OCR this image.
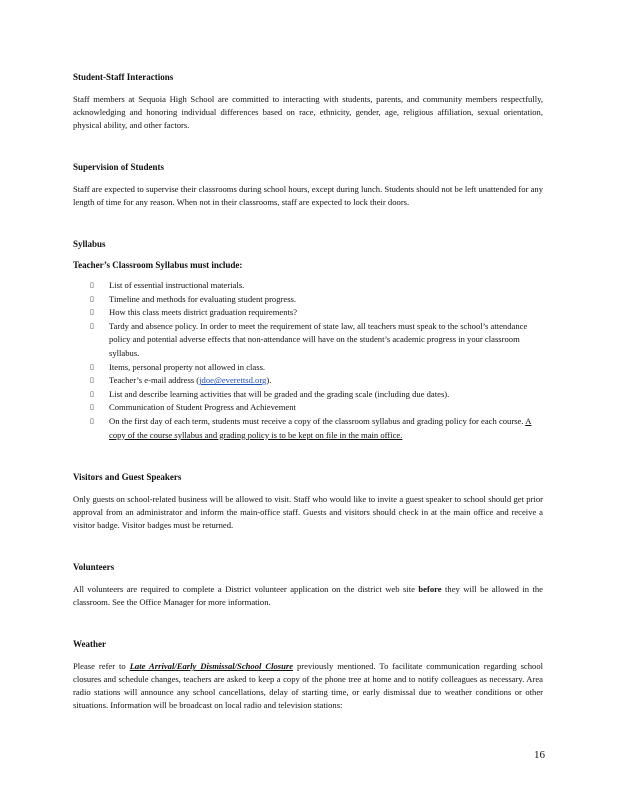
Student-Staff Interactions

Staff members at Sequoia High School are committed to interacting with students, parents, and community members respectfully, acknowledging and honoring individual differences based on race, ethnicity, gender, age, religious affiliation, sexual orientation, physical ability, and other factors.

Supervision of Students

Staff are expected to supervise their classrooms during school hours, except during lunch. Students should not be left unattended for any length of time for any reason. When not in their classrooms, staff are expected to lock their doors.

Syllabus
Teacher’s Classroom Syllabus must include:
▯ List of essential instructional materials.
▯ Timeline and methods for evaluating student progress.
▯ How this class meets district graduation requirements?
▯ Tardy and absence policy. In order to meet the requirement of state law, all teachers must speak to the school’s attendance policy and potential adverse effects that non-attendance will have on the student’s academic progress in your classroom syllabus.
▯ Items, personal property not allowed in class.
▯ Teacher’s e-mail address (jdoe@everettsd.org).
▯ List and describe learning activities that will be graded and the grading scale (including due dates).
▯ Communication of Student Progress and Achievement
▯ On the first day of each term, students must receive a copy of the classroom syllabus and grading policy for each course. A copy of the course syllabus and grading policy is to be kept on file in the main office.
Visitors and Guest Speakers

Only guests on school-related business will be allowed to visit. Staff who would like to invite a guest speaker to school should get prior approval from an administrator and inform the main-office staff. Guests and visitors should check in at the main office and receive a visitor badge. Visitor badges must be returned.

Volunteers

All volunteers are required to complete a District volunteer application on the district web site before they will be allowed in the classroom. See the Office Manager for more information.

Weather

Please refer to Late Arrival/Early Dismissal/School Closure previously mentioned. To facilitate communication regarding school closures and schedule changes, teachers are asked to keep a copy of the phone tree at home and to notify colleagues as necessary. Area radio stations will announce any school cancellations, delay of starting time, or early dismissal due to weather conditions or other situations. Information will be broadcast on local radio and television stations:

16
